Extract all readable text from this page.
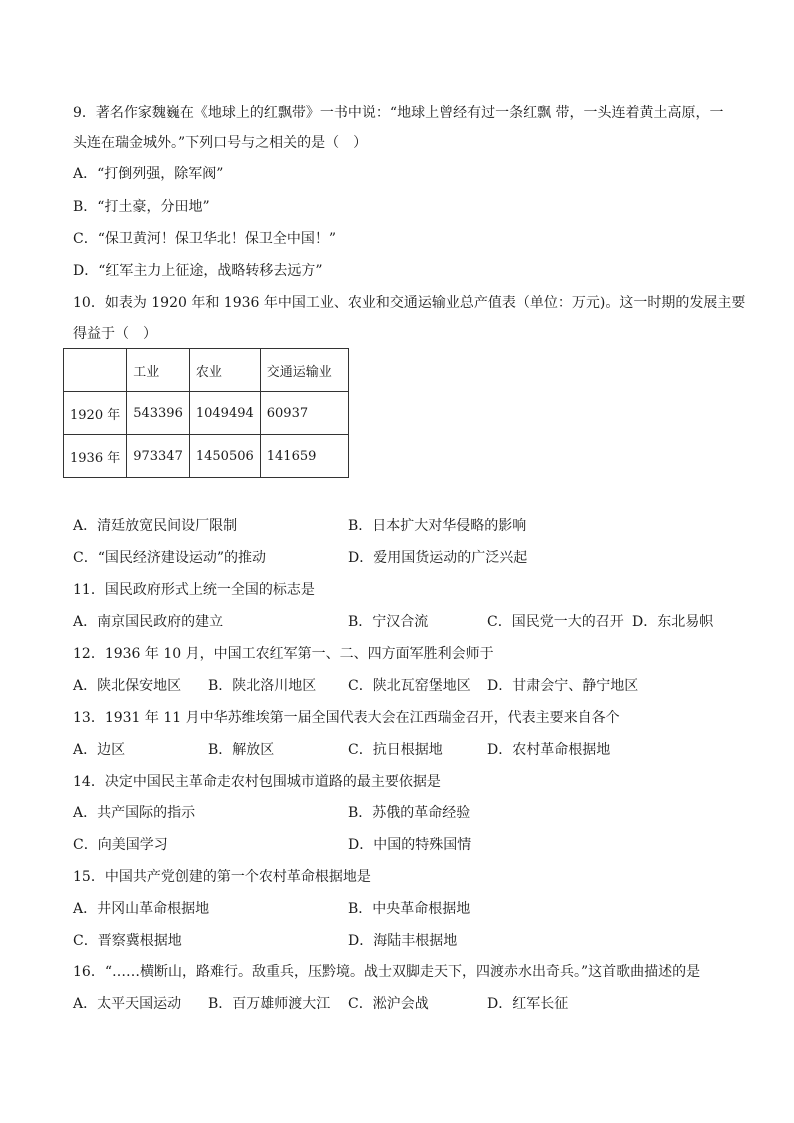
9．著名作家魏巍在《地球上的红飘带》一书中说：“地球上曾经有过一条红飘 带，一头连着黄土高原，一
头连在瑞金城外。”下列口号与之相关的是（　）
A．“打倒列强，除军阀”
B．“打土豪，分田地”
C．“保卫黄河！保卫华北！保卫全中国！”
D．“红军主力上征途，战略转移去远方”
10．如表为 1920 年和 1936 年中国工业、农业和交通运输业总产值表（单位：万元)。这一时期的发展主要
得益于（　）
	工业	农业	交通运输业
1920 年	543396	1049494	60937
1936 年	973347	1450506	141659
A．清廷放宽民间设厂限制	B．日本扩大对华侵略的影响
C．“国民经济建设运动”的推动	D．爱用国货运动的广泛兴起
11．国民政府形式上统一全国的标志是
A．南京国民政府的建立	B．宁汉合流	C．国民党一大的召开 D．东北易帜
12．1936 年 10 月，中国工农红军第一、二、四方面军胜利会师于
A．陕北保安地区 B．陕北洛川地区 C．陕北瓦窑堡地区 D．甘肃会宁、静宁地区
13．1931 年 11 月中华苏维埃第一届全国代表大会在江西瑞金召开，代表主要来自各个
A．边区	B．解放区	C．抗日根据地	D．农村革命根据地
14．决定中国民主革命走农村包围城市道路的最主要依据是
A．共产国际的指示	B．苏俄的革命经验
C．向美国学习	D．中国的特殊国情
15．中国共产党创建的第一个农村革命根据地是
A．井冈山革命根据地	B．中央革命根据地
C．晋察冀根据地	D．海陆丰根据地
16．“……横断山，路难行。敌重兵，压黔境。战士双脚走天下，四渡赤水出奇兵。”这首歌曲描述的是
A．太平天国运动 B．百万雄师渡大江 C．淞沪会战	D．红军长征
